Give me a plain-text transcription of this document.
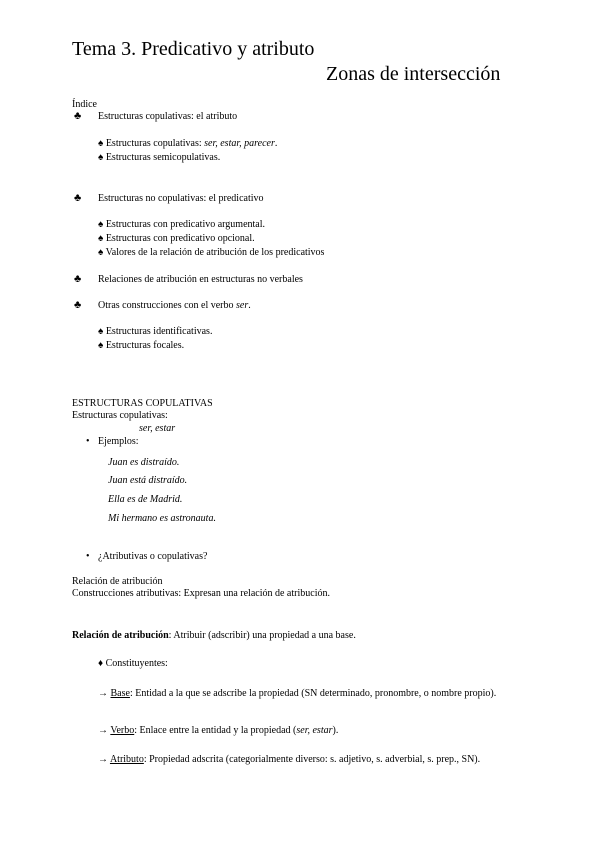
Tema 3. Predicativo y atributo
Zonas de intersección
Índice
♣ Estructuras copulativas: el atributo
♠ Estructuras copulativas: ser, estar, parecer.
♠ Estructuras semicopulativas.
♣ Estructuras no copulativas: el predicativo
♠ Estructuras con predicativo argumental.
♠ Estructuras con predicativo opcional.
♠ Valores de la relación de atribución de los predicativos
♣ Relaciones de atribución en estructuras no verbales
♣ Otras construcciones con el verbo ser.
♠ Estructuras identificativas.
♠ Estructuras focales.
ESTRUCTURAS COPULATIVAS
Estructuras copulativas:
ser, estar
• Ejemplos:
Juan es distraído.
Juan está distraído.
Ella es de Madrid.
Mi hermano es astronauta.
• ¿Atributivas o copulativas?
Relación de atribución
Construcciones atributivas: Expresan una relación de atribución.
Relación de atribución: Atribuir (adscribir) una propiedad a una base.
♦ Constituyentes:
→ Base: Entidad a la que se adscribe la propiedad (SN determinado, pronombre, o nombre propio).
→ Verbo: Enlace entre la entidad y la propiedad (ser, estar).
→ Atributo: Propiedad adscrita (categorialmente diverso: s. adjetivo, s. adverbial, s. prep., SN).
